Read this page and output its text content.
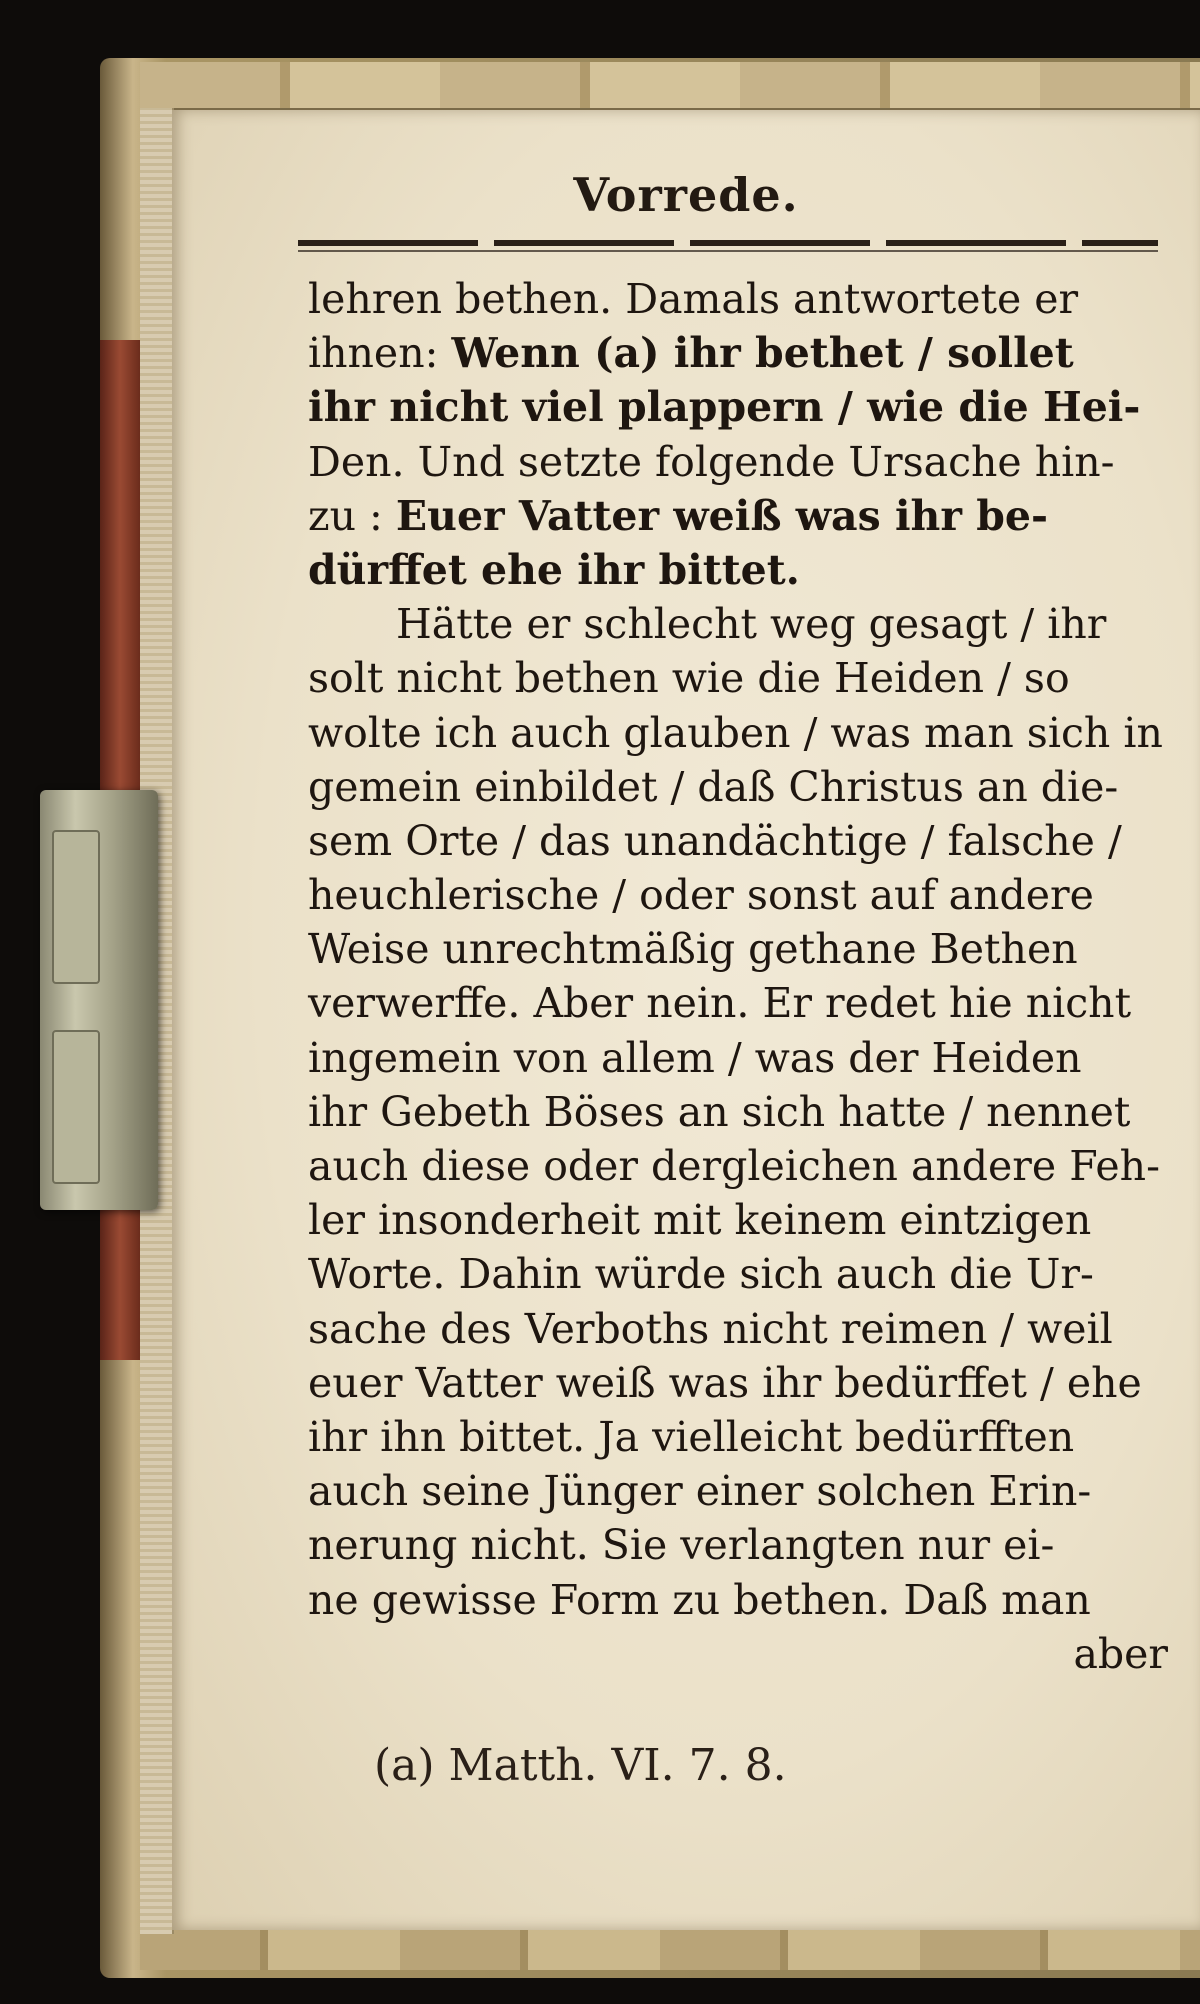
Vorrede.
lehren bethen. Damals antwortete er
ihnen: Wenn (a) ihr bethet / sollet
ihr nicht viel plappern / wie die Hei-
Den. Und setzte folgende Ursache hin-
zu : Euer Vatter weiß was ihr be-
dürffet ehe ihr bittet.
Hätte er schlecht weg gesagt / ihr
solt nicht bethen wie die Heiden / so
wolte ich auch glauben / was man sich in
gemein einbildet / daß Christus an die-
sem Orte / das unandächtige / falsche /
heuchlerische / oder sonst auf andere
Weise unrechtmäßig gethane Bethen
verwerffe. Aber nein. Er redet hie nicht
ingemein von allem / was der Heiden
ihr Gebeth Böses an sich hatte / nennet
auch diese oder dergleichen andere Feh-
ler insonderheit mit keinem eintzigen
Worte. Dahin würde sich auch die Ur-
sache des Verboths nicht reimen / weil
euer Vatter weiß was ihr bedürffet / ehe
ihr ihn bittet. Ja vielleicht bedürfften
auch seine Jünger einer solchen Erin-
nerung nicht. Sie verlangten nur ei-
ne gewisse Form zu bethen. Daß man
aber
(a) Matth. VI. 7. 8.
